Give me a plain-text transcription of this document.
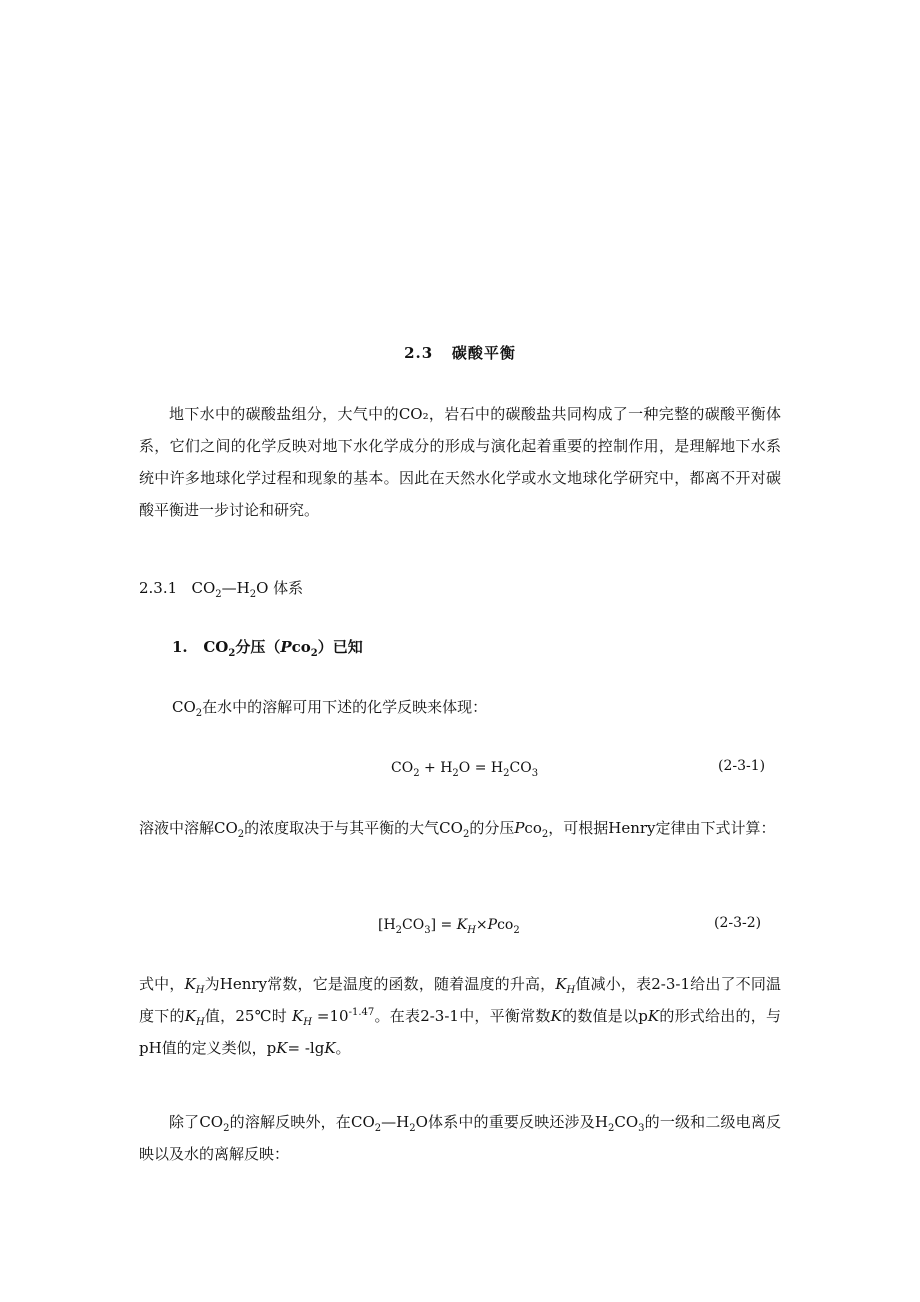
2.3 碳酸平衡
地下水中的碳酸盐组分，大气中的CO₂，岩石中的碳酸盐共同构成了一种完整的碳酸平衡体系，它们之间的化学反映对地下水化学成分的形成与演化起着重要的控制作用，是理解地下水系统中许多地球化学过程和现象的基本。因此在天然水化学或水文地球化学研究中，都离不开对碳酸平衡进一步讨论和研究。
2.3.1 $CO_2—H_2O$ 体系
1. $CO_2$分压（Pco$_2$）已知
$CO_2$在水中的溶解可用下述的化学反映来体现：
$CO_2 + H_2O = H_2CO_3$	(2-3-1)
溶液中溶解$CO_2$的浓度取决于与其平衡的大气$CO_2$的分压Pco$_2$，可根据Henry定律由下式计算：
$[H_2CO_3] = K_H\times Pco_2$	(2-3-2)
式中，$K_H$为Henry常数，它是温度的函数，随着温度的升高，$K_H$值减小，表2-3-1给出了不同温度下的$K_H$值，25℃时 $K_H =10^{-1.47}$。在表2-3-1中，平衡常数K的数值是以pK的形式给出的，与pH值的定义类似，pK= -lgK。
除了$CO_2$的溶解反映外，在$CO_2—H_2O$体系中的重要反映还涉及$H_2CO_3$的一级和二级电离反映以及水的离解反映：
